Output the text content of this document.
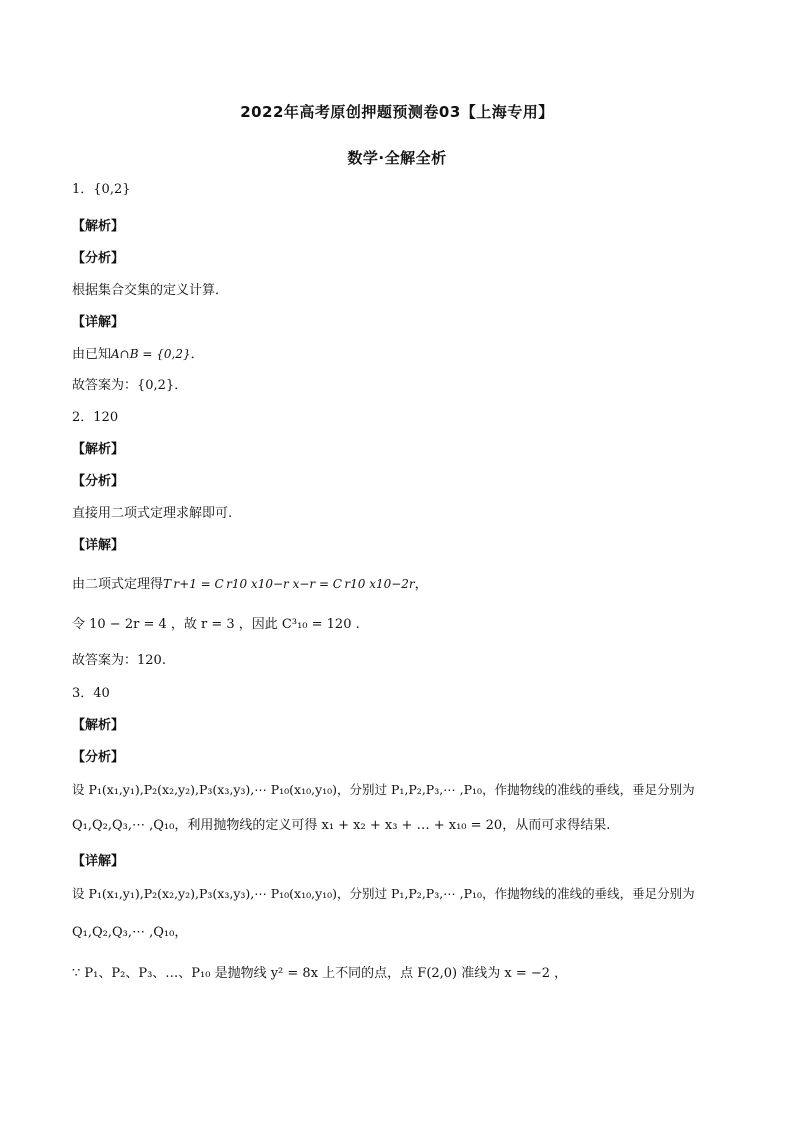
2022年高考原创押题预测卷03【上海专用】
数学·全解全析
1．{0,2}
【解析】
【分析】
根据集合交集的定义计算．
【详解】
由已知A∩B = {0,2}．
故答案为：{0,2}．
2．120
【解析】
【分析】
直接用二项式定理求解即可.
【详解】
由二项式定理得T r+1 = C r10 x10−r x−r = C r10 x10−2r，
令 10 − 2r = 4 ，故 r = 3 ，因此 C³₁₀ = 120 .
故答案为：120.
3．40
【解析】
【分析】
设 P₁(x₁,y₁),P₂(x₂,y₂),P₃(x₃,y₃),⋯ P₁₀(x₁₀,y₁₀)，分别过 P₁,P₂,P₃,⋯ ,P₁₀，作抛物线的准线的垂线，垂足分别为
Q₁,Q₂,Q₃,⋯ ,Q₁₀，利用抛物线的定义可得 x₁ + x₂ + x₃ + … + x₁₀ = 20，从而可求得结果.
【详解】
设 P₁(x₁,y₁),P₂(x₂,y₂),P₃(x₃,y₃),⋯ P₁₀(x₁₀,y₁₀)，分别过 P₁,P₂,P₃,⋯ ,P₁₀，作抛物线的准线的垂线，垂足分别为
Q₁,Q₂,Q₃,⋯ ,Q₁₀，
∵ P₁、P₂、P₃、…、P₁₀ 是抛物线 y² = 8x 上不同的点，点 F(2,0) 准线为 x = −2 ，
